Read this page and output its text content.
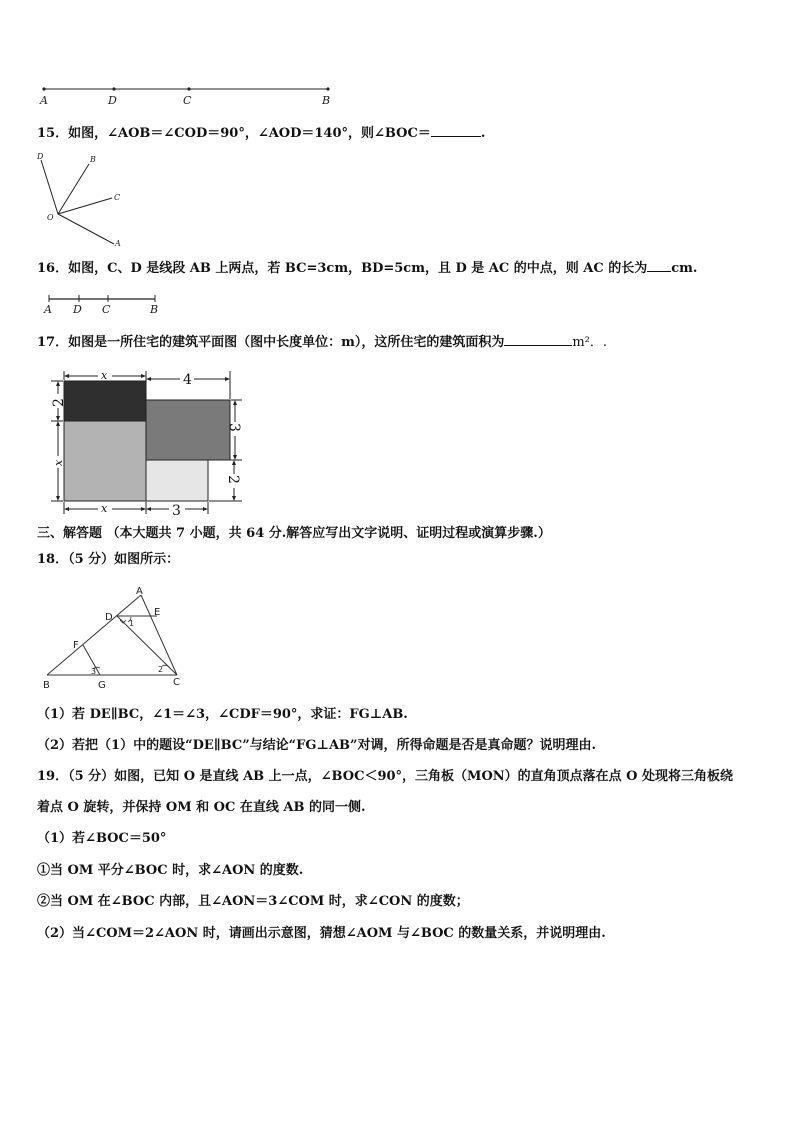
A	D	C	B
15．如图，∠AOB＝∠COD＝90°，∠AOD＝140°，则∠BOC＝	.
D	B
C
O
A
16．如图，C、D 是线段 AB 上两点，若 BC=3cm，BD=5cm，且 D 是 AC 的中点，则 AC 的长为 cm.
A D C	B
17．如图是一所住宅的建筑平面图（图中长度单位：m），这所住宅的建筑面积为	m²．.
x	4
2
x
3
2
x	3
三、解答题 （本大题共 7 小题，共 64 分.解答应写出文字说明、证明过程或演算步骤.）
18．（5 分）如图所示：
A
E
D
F
B	G	C
1
2
3
（1）若 DE∥BC，∠1＝∠3，∠CDF＝90°，求证：FG⊥AB.
（2）若把（1）中的题设“DE∥BC”与结论“FG⊥AB”对调，所得命题是否是真命题？说明理由.
19．（5 分）如图，已知 O 是直线 AB 上一点，∠BOC＜90°，三角板（MON）的直角顶点落在点 O 处现将三角板绕
着点 O 旋转，并保持 OM 和 OC 在直线 AB 的同一侧.
（1）若∠BOC＝50°
①当 OM 平分∠BOC 时，求∠AON 的度数.
②当 OM 在∠BOC 内部，且∠AON＝3∠COM 时，求∠CON 的度数；
（2）当∠COM＝2∠AON 时，请画出示意图，猜想∠AOM 与∠BOC 的数量关系，并说明理由.
